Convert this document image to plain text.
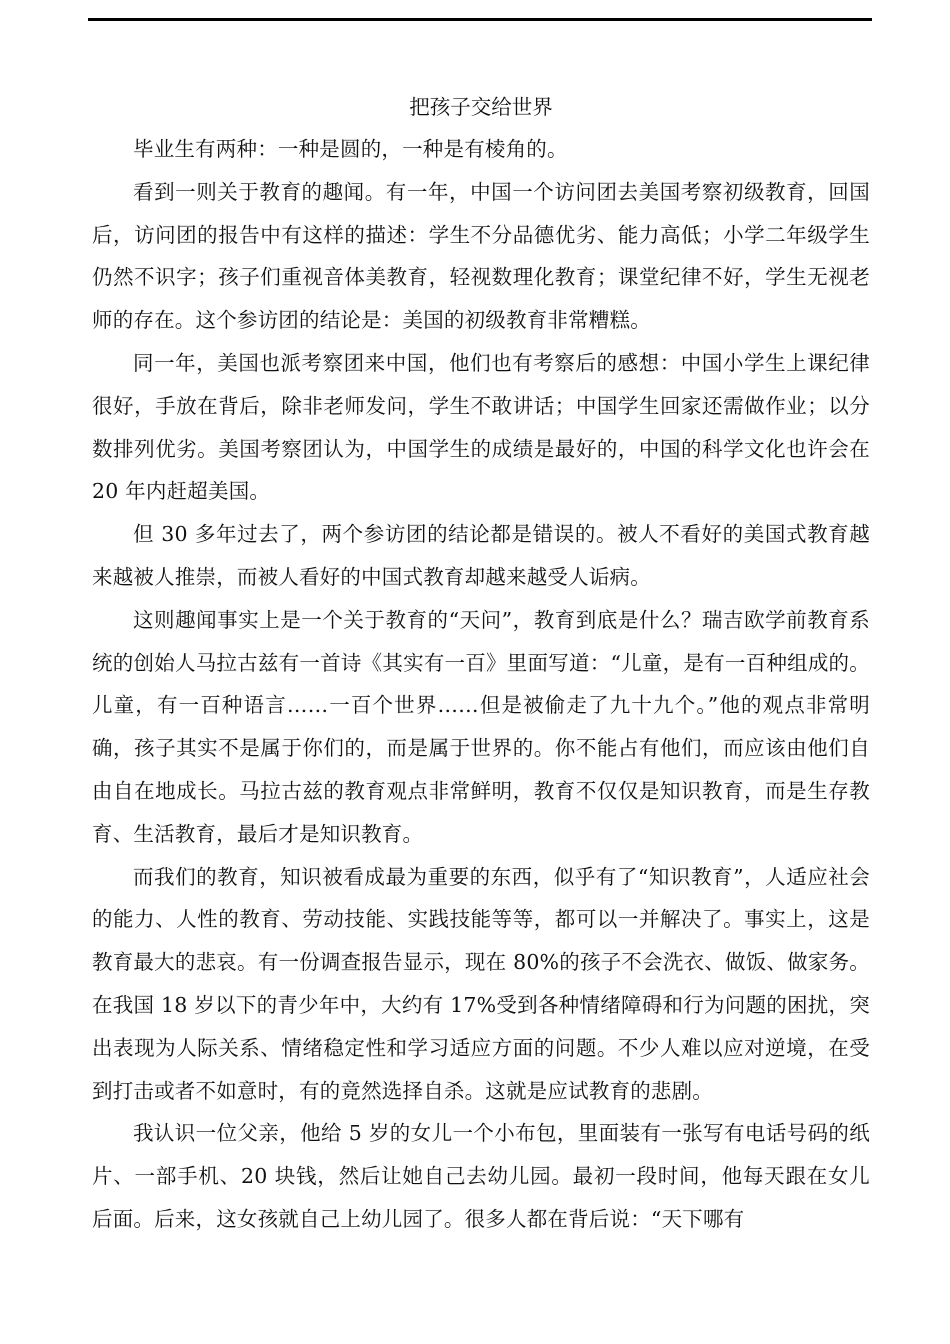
把孩子交给世界

毕业生有两种：一种是圆的，一种是有棱角的。

看到一则关于教育的趣闻。有一年，中国一个访问团去美国考察初级教育，回国后，访问团的报告中有这样的描述：学生不分品德优劣、能力高低；小学二年级学生仍然不识字；孩子们重视音体美教育，轻视数理化教育；课堂纪律不好，学生无视老师的存在。这个参访团的结论是：美国的初级教育非常糟糕。

同一年，美国也派考察团来中国，他们也有考察后的感想：中国小学生上课纪律很好，手放在背后，除非老师发问，学生不敢讲话；中国学生回家还需做作业；以分数排列优劣。美国考察团认为，中国学生的成绩是最好的，中国的科学文化也许会在 20 年内赶超美国。

但 30 多年过去了，两个参访团的结论都是错误的。被人不看好的美国式教育越来越被人推崇，而被人看好的中国式教育却越来越受人诟病。

这则趣闻事实上是一个关于教育的“天问”，教育到底是什么？瑞吉欧学前教育系统的创始人马拉古兹有一首诗《其实有一百》里面写道：“儿童，是有一百种组成的。儿童，有一百种语言……一百个世界……但是被偷走了九十九个。”他的观点非常明确，孩子其实不是属于你们的，而是属于世界的。你不能占有他们，而应该由他们自由自在地成长。马拉古兹的教育观点非常鲜明，教育不仅仅是知识教育，而是生存教育、生活教育，最后才是知识教育。

而我们的教育，知识被看成最为重要的东西，似乎有了“知识教育”，人适应社会的能力、人性的教育、劳动技能、实践技能等等，都可以一并解决了。事实上，这是教育最大的悲哀。有一份调查报告显示，现在 80%的孩子不会洗衣、做饭、做家务。在我国 18 岁以下的青少年中，大约有 17%受到各种情绪障碍和行为问题的困扰，突出表现为人际关系、情绪稳定性和学习适应方面的问题。不少人难以应对逆境，在受到打击或者不如意时，有的竟然选择自杀。这就是应试教育的悲剧。

我认识一位父亲，他给 5 岁的女儿一个小布包，里面装有一张写有电话号码的纸片、一部手机、20 块钱，然后让她自己去幼儿园。最初一段时间，他每天跟在女儿后面。后来，这女孩就自己上幼儿园了。很多人都在背后说：“天下哪有
